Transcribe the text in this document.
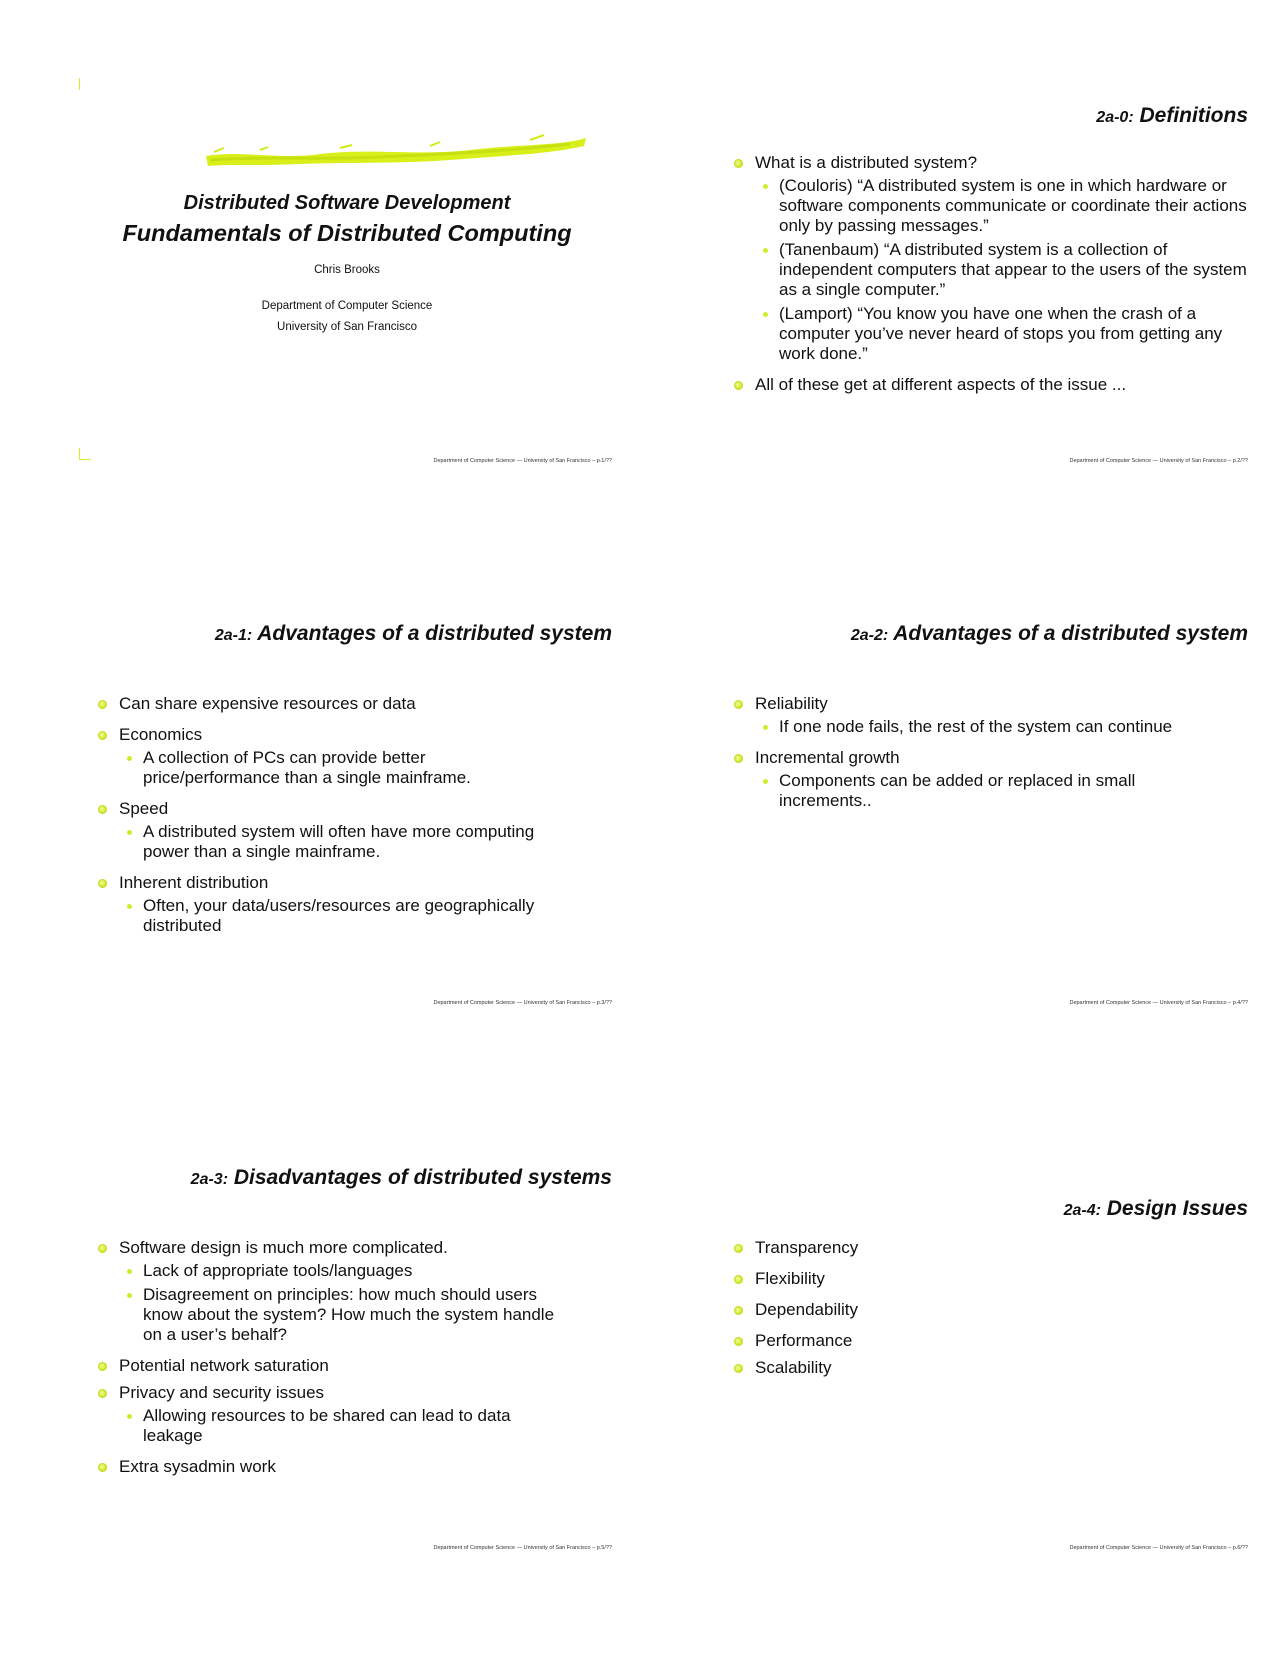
Distributed Software Development
Fundamentals of Distributed Computing
Chris Brooks
Department of Computer Science
University of San Francisco
Department of Computer Science — University of San Francisco – p.1/??
2a-0: Definitions
What is a distributed system?
(Couloris) “A distributed system is one in which hardware or software components communicate or coordinate their actions only by passing messages.”
(Tanenbaum) “A distributed system is a collection of independent computers that appear to the users of the system as a single computer.”
(Lamport) “You know you have one when the crash of a computer you’ve never heard of stops you from getting any work done.”
All of these get at different aspects of the issue ...
Department of Computer Science — University of San Francisco – p.2/??
2a-1: Advantages of a distributed system
Can share expensive resources or data
Economics
A collection of PCs can provide better price/performance than a single mainframe.
Speed
A distributed system will often have more computing power than a single mainframe.
Inherent distribution
Often, your data/users/resources are geographically distributed
Department of Computer Science — University of San Francisco – p.3/??
2a-2: Advantages of a distributed system
Reliability
If one node fails, the rest of the system can continue
Incremental growth
Components can be added or replaced in small increments..
Department of Computer Science — University of San Francisco – p.4/??
2a-3: Disadvantages of distributed systems
Software design is much more complicated.
Lack of appropriate tools/languages
Disagreement on principles: how much should users know about the system? How much the system handle on a user’s behalf?
Potential network saturation
Privacy and security issues
Allowing resources to be shared can lead to data leakage
Extra sysadmin work
Department of Computer Science — University of San Francisco – p.5/??
2a-4: Design Issues
Transparency
Flexibility
Dependability
Performance
Scalability
Department of Computer Science — University of San Francisco – p.6/??
